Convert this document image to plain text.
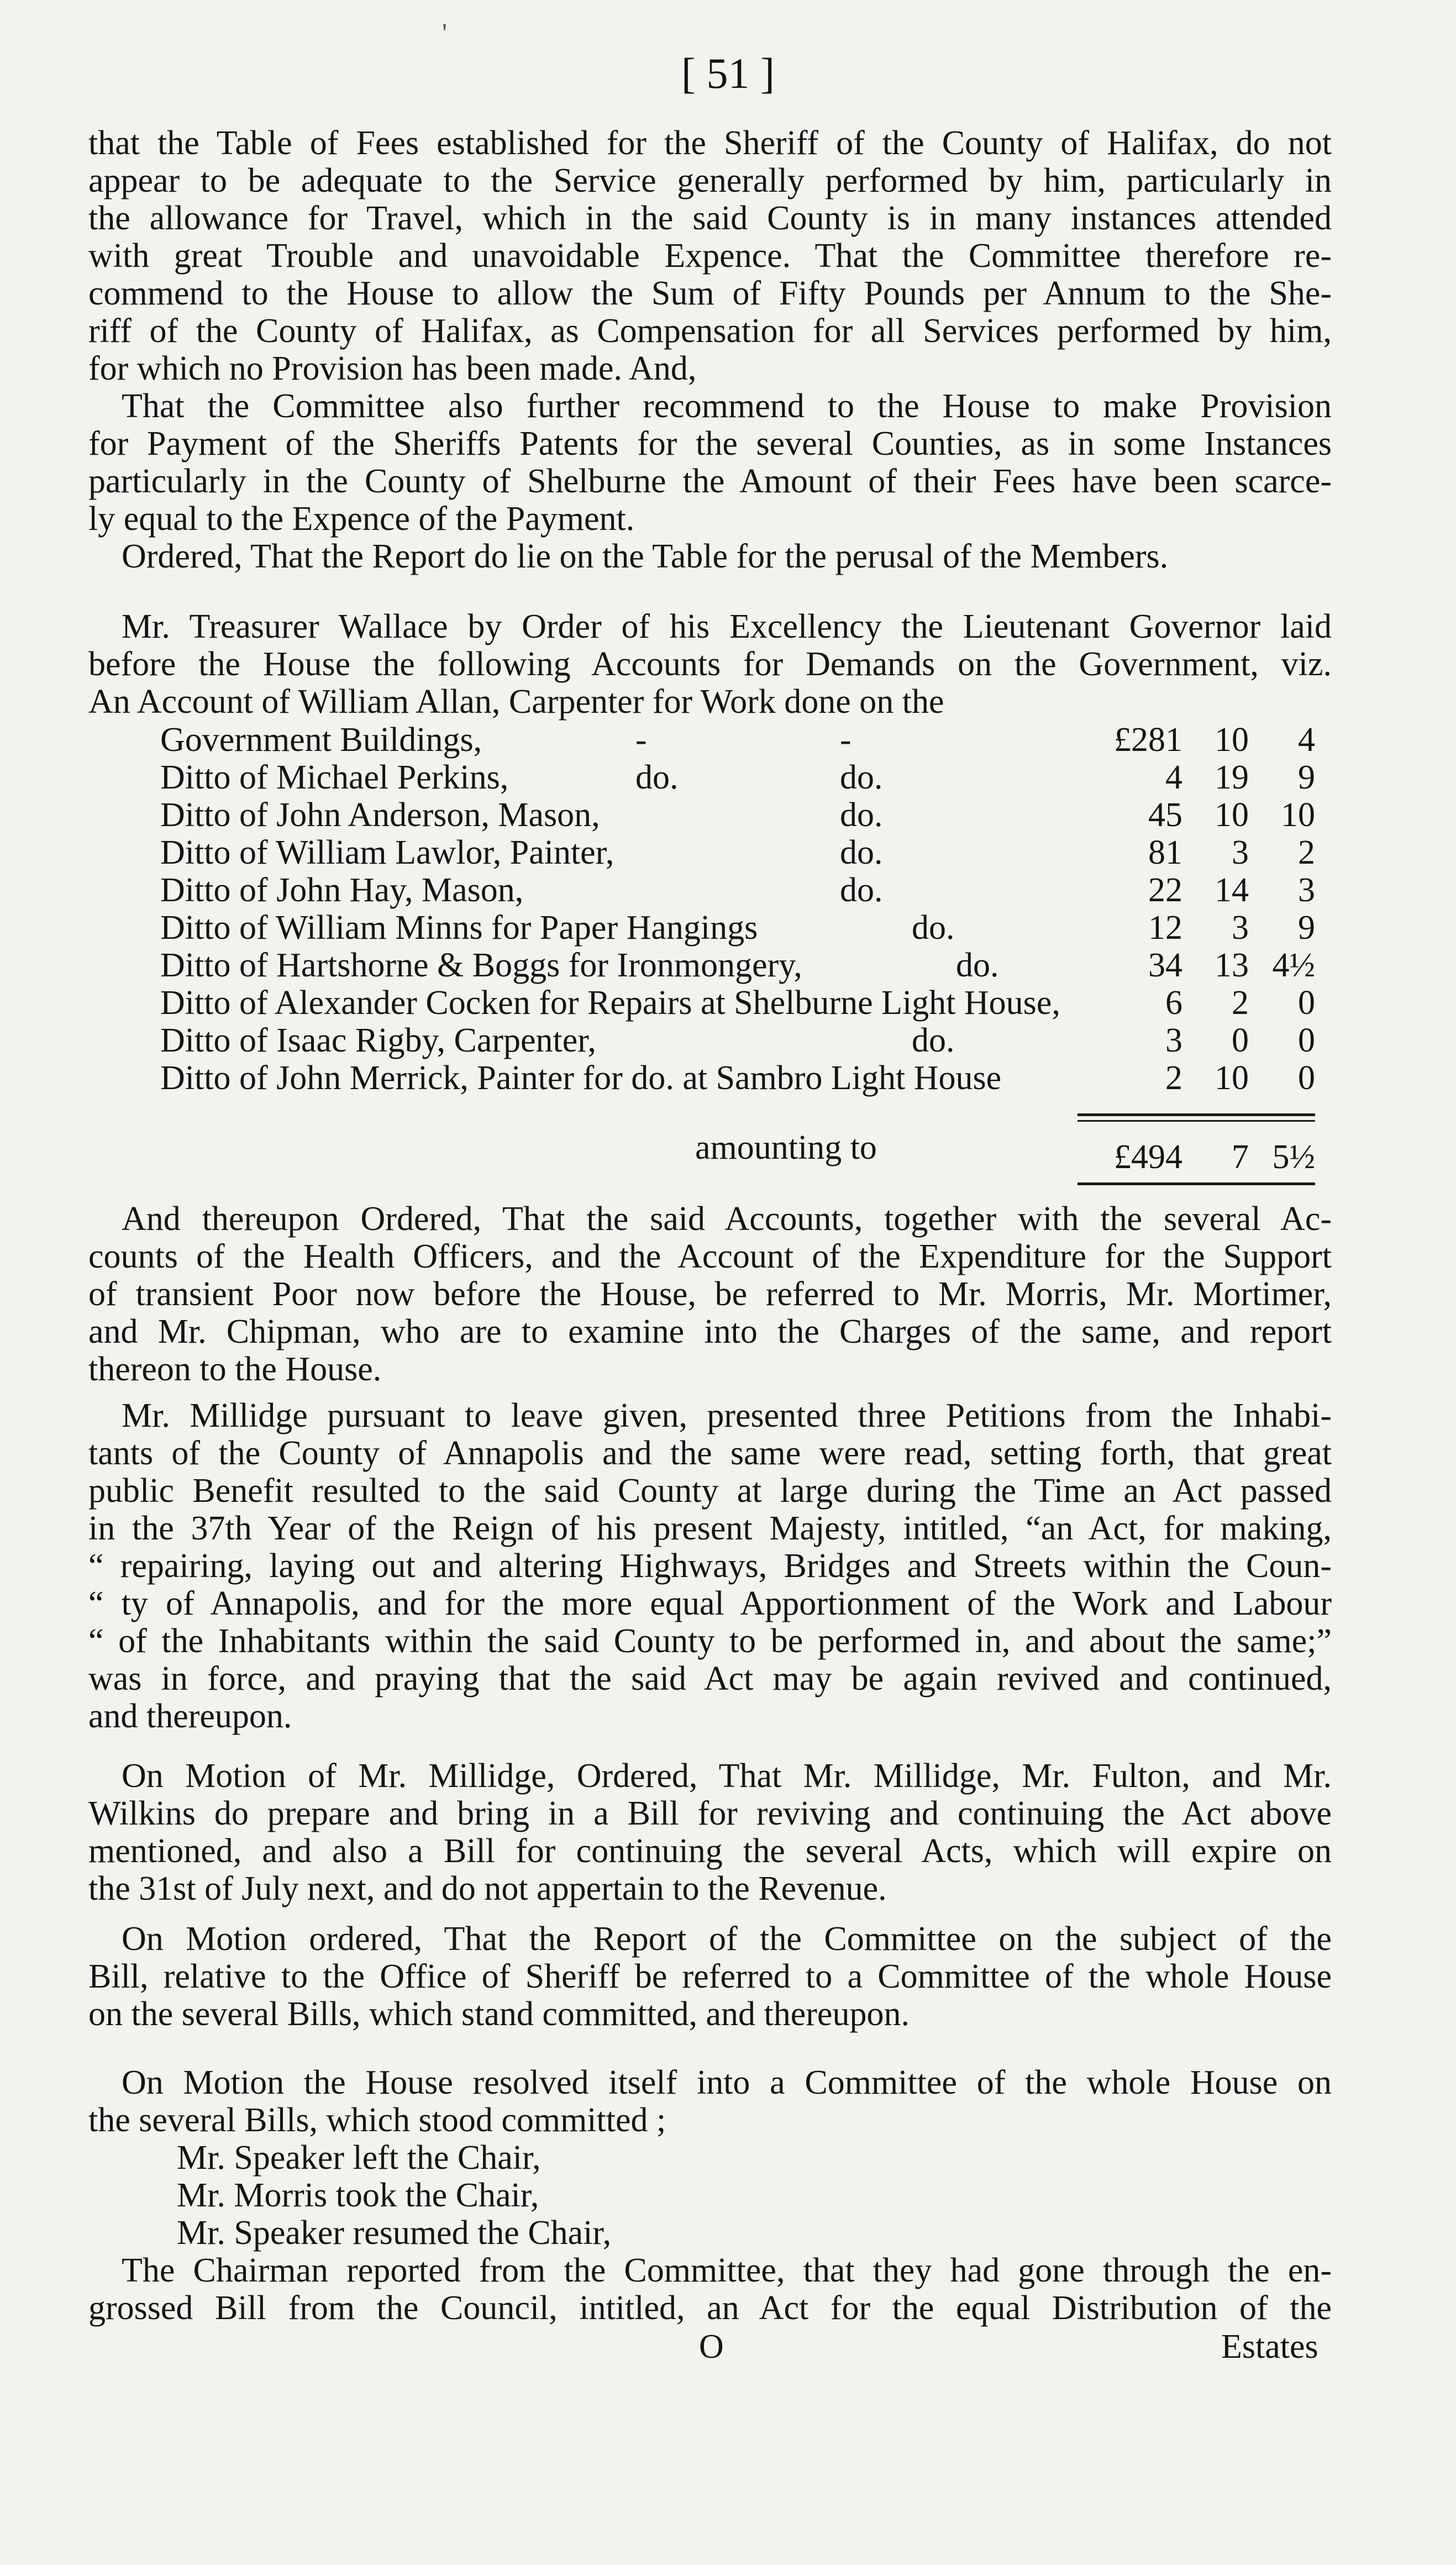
'
[ 51 ]

that the Table of Fees established for the Sheriff of the County of Halifax, do not

appear to be adequate to the Service generally performed by him, particularly in

the allowance for Travel, which in the said County is in many instances attended

with great Trouble and unavoidable Expence. That the Committee therefore re-

commend to the House to allow the Sum of Fifty Pounds per Annum to the She-

riff of the County of Halifax, as Compensation for all Services performed by him,

for which no Provision has been made. And,

That the Committee also further recommend to the House to make Provision

for Payment of the Sheriffs Patents for the several Counties, as in some Instances

particularly in the County of Shelburne the Amount of their Fees have been scarce-

ly equal to the Expence of the Payment.

Ordered, That the Report do lie on the Table for the perusal of the Members.

Mr. Treasurer Wallace by Order of his Excellency the Lieutenant Governor laid

before the House the following Accounts for Demands on the Government, viz.

An Account of William Allan, Carpenter for Work done on the

Government Buildings,	-	-	£281 10	4
Ditto of Michael Perkins,	do.	do.	4 19	9
Ditto of John Anderson, Mason,	do.	45 10 10
Ditto of William Lawlor, Painter,	do.	81	3	2
Ditto of John Hay, Mason,	do.	22 14	3
Ditto of William Minns for Paper Hangings	do.	12	3	9
Ditto of Hartshorne & Boggs for Ironmongery,	do.	34 13 4½
Ditto of Alexander Cocken for Repairs at Shelburne Light House,	6	2	0
Ditto of Isaac Rigby, Carpenter,	do.	3	0	0
Ditto of John Merrick, Painter for do. at Sambro Light House	2 10	0
amounting to	£494	7 5½

And thereupon Ordered, That the said Accounts, together with the several Ac-

counts of the Health Officers, and the Account of the Expenditure for the Support

of transient Poor now before the House, be referred to Mr. Morris, Mr. Mortimer,

and Mr. Chipman, who are to examine into the Charges of the same, and report

thereon to the House.

Mr. Millidge pursuant to leave given, presented three Petitions from the Inhabi-

tants of the County of Annapolis and the same were read, setting forth, that great

public Benefit resulted to the said County at large during the Time an Act passed

in the 37th Year of the Reign of his present Majesty, intitled, “an Act, for making,

“ repairing, laying out and altering Highways, Bridges and Streets within the Coun-

“ ty of Annapolis, and for the more equal Apportionment of the Work and Labour

“ of the Inhabitants within the said County to be performed in, and about the same;”

was in force, and praying that the said Act may be again revived and continued,

and thereupon.

On Motion of Mr. Millidge, Ordered, That Mr. Millidge, Mr. Fulton, and Mr.

Wilkins do prepare and bring in a Bill for reviving and continuing the Act above

mentioned, and also a Bill for continuing the several Acts, which will expire on

the 31st of July next, and do not appertain to the Revenue.

On Motion ordered, That the Report of the Committee on the subject of the

Bill, relative to the Office of Sheriff be referred to a Committee of the whole House

on the several Bills, which stand committed, and thereupon.

On Motion the House resolved itself into a Committee of the whole House on

the several Bills, which stood committed ;

Mr. Speaker left the Chair,

Mr. Morris took the Chair,

Mr. Speaker resumed the Chair,

The Chairman reported from the Committee, that they had gone through the en-

grossed Bill from the Council, intitled, an Act for the equal Distribution of the

O	Estates
